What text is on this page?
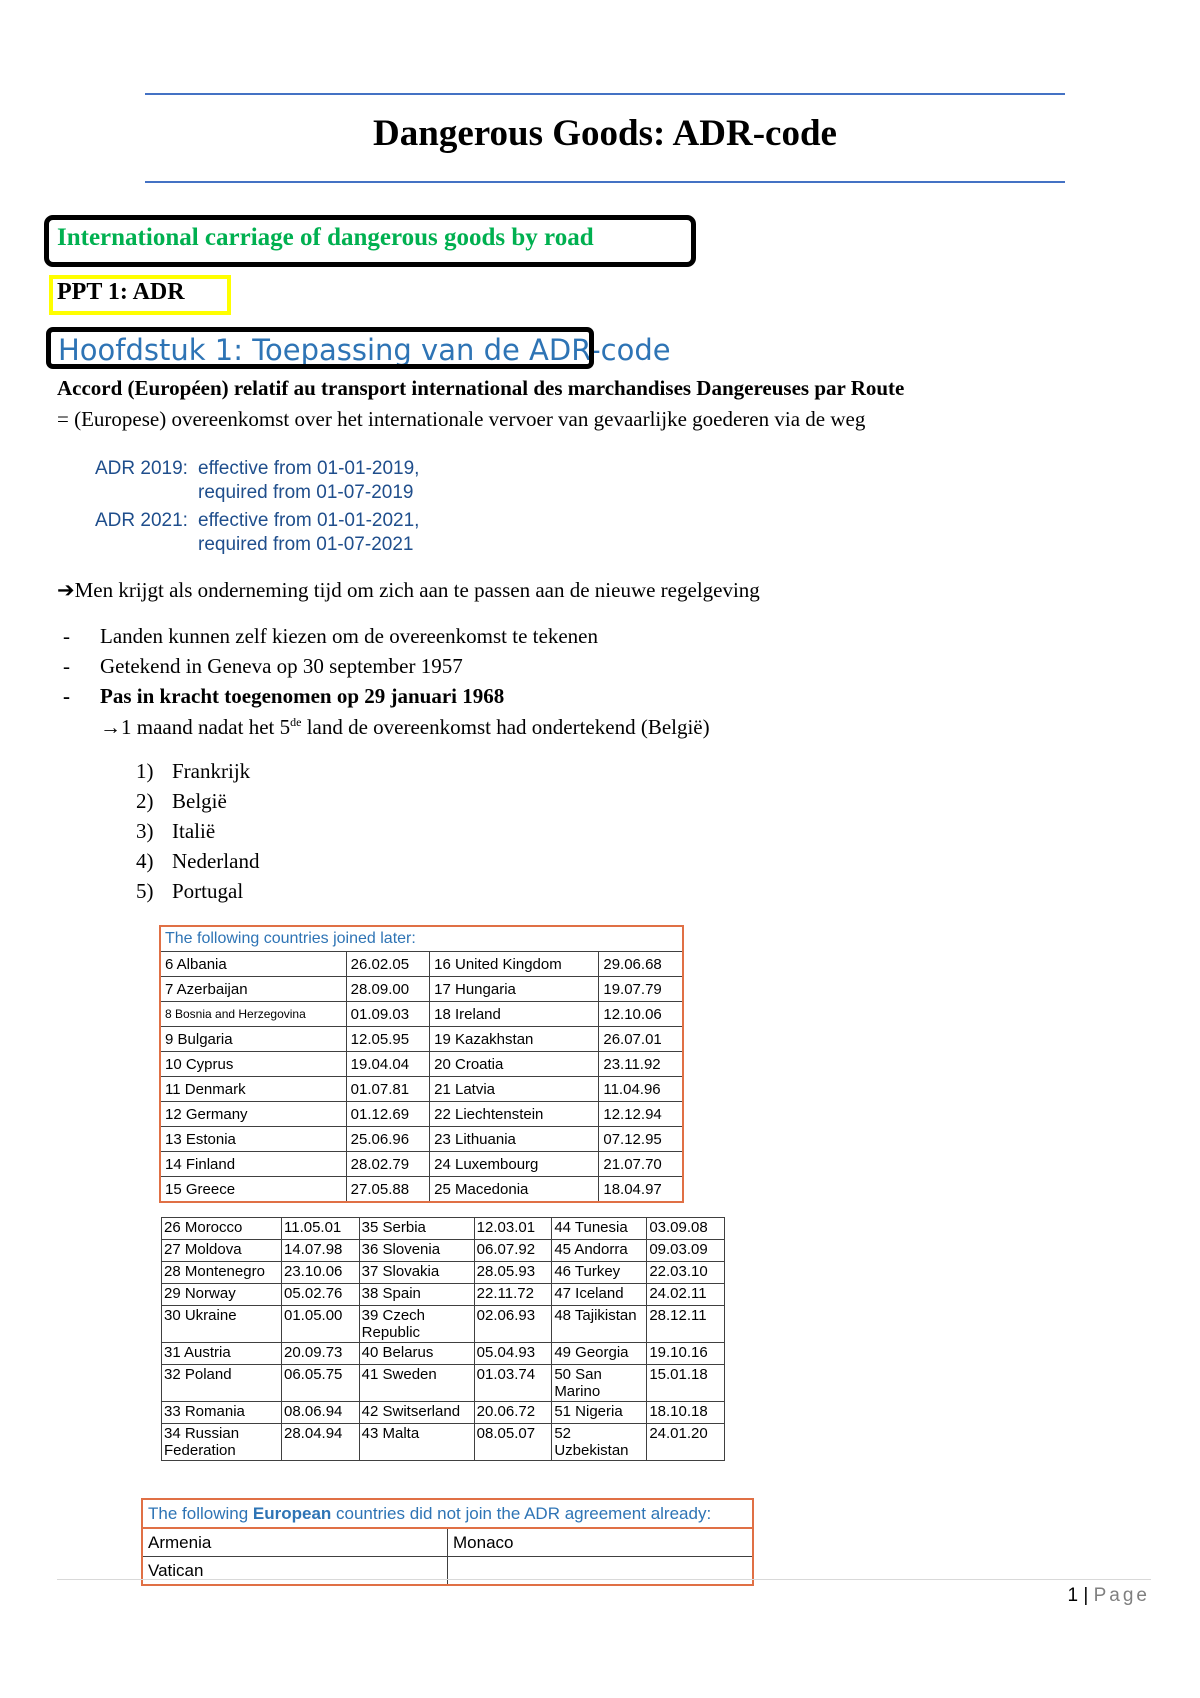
Dangerous Goods: ADR-code
International carriage of dangerous goods by road
PPT 1: ADR
Hoofdstuk 1: Toepassing van de ADR-code
Accord (Européen) relatif au transport international des marchandises Dangereuses par Route
= (Europese) overeenkomst over het internationale vervoer van gevaarlijke goederen via de weg
ADR 2019: effective from 01-01-2019,
required from 01-07-2019
ADR 2021: effective from 01-01-2021,
required from 01-07-2021
➔Men krijgt als onderneming tijd om zich aan te passen aan de nieuwe regelgeving
- Landen kunnen zelf kiezen om de overeenkomst te tekenen
- Getekend in Geneva op 30 september 1957
- Pas in kracht toegenomen op 29 januari 1968
→1 maand nadat het 5de land de overeenkomst had ondertekend (België)
1) Frankrijk
2) België
3) Italië
4) Nederland
5) Portugal
The following countries joined later:			
6 Albania	26.02.05	16 United Kingdom	29.06.68
7 Azerbaijan	28.09.00	17 Hungaria	19.07.79
8 Bosnia and Herzegovina	01.09.03	18 Ireland	12.10.06
9 Bulgaria	12.05.95	19 Kazakhstan	26.07.01
10 Cyprus	19.04.04	20 Croatia	23.11.92
11 Denmark	01.07.81	21 Latvia	11.04.96
12 Germany	01.12.69	22 Liechtenstein	12.12.94
13 Estonia	25.06.96	23 Lithuania	07.12.95
14 Finland	28.02.79	24 Luxembourg	21.07.70
15 Greece	27.05.88	25 Macedonia	18.04.97
26 Morocco	11.05.01	35 Serbia	12.03.01	44 Tunesia	03.09.08
27 Moldova	14.07.98	36 Slovenia	06.07.92	45 Andorra	09.03.09
28 Montenegro	23.10.06	37 Slovakia	28.05.93	46 Turkey	22.03.10
29 Norway	05.02.76	38 Spain	22.11.72	47 Iceland	24.02.11
30 Ukraine	01.05.00	39 Czech Republic	02.06.93	48 Tajikistan	28.12.11
31 Austria	20.09.73	40 Belarus	05.04.93	49 Georgia	19.10.16
32 Poland	06.05.75	41 Sweden	01.03.74	50 San Marino	15.01.18
33 Romania	08.06.94	42 Switserland	20.06.72	51 Nigeria	18.10.18
34 Russian Federation	28.04.94	43 Malta	08.05.07	52 Uzbekistan	24.01.20
The following European countries did not join the ADR agreement already:	
Armenia	Monaco
Vatican	
1 | Page
